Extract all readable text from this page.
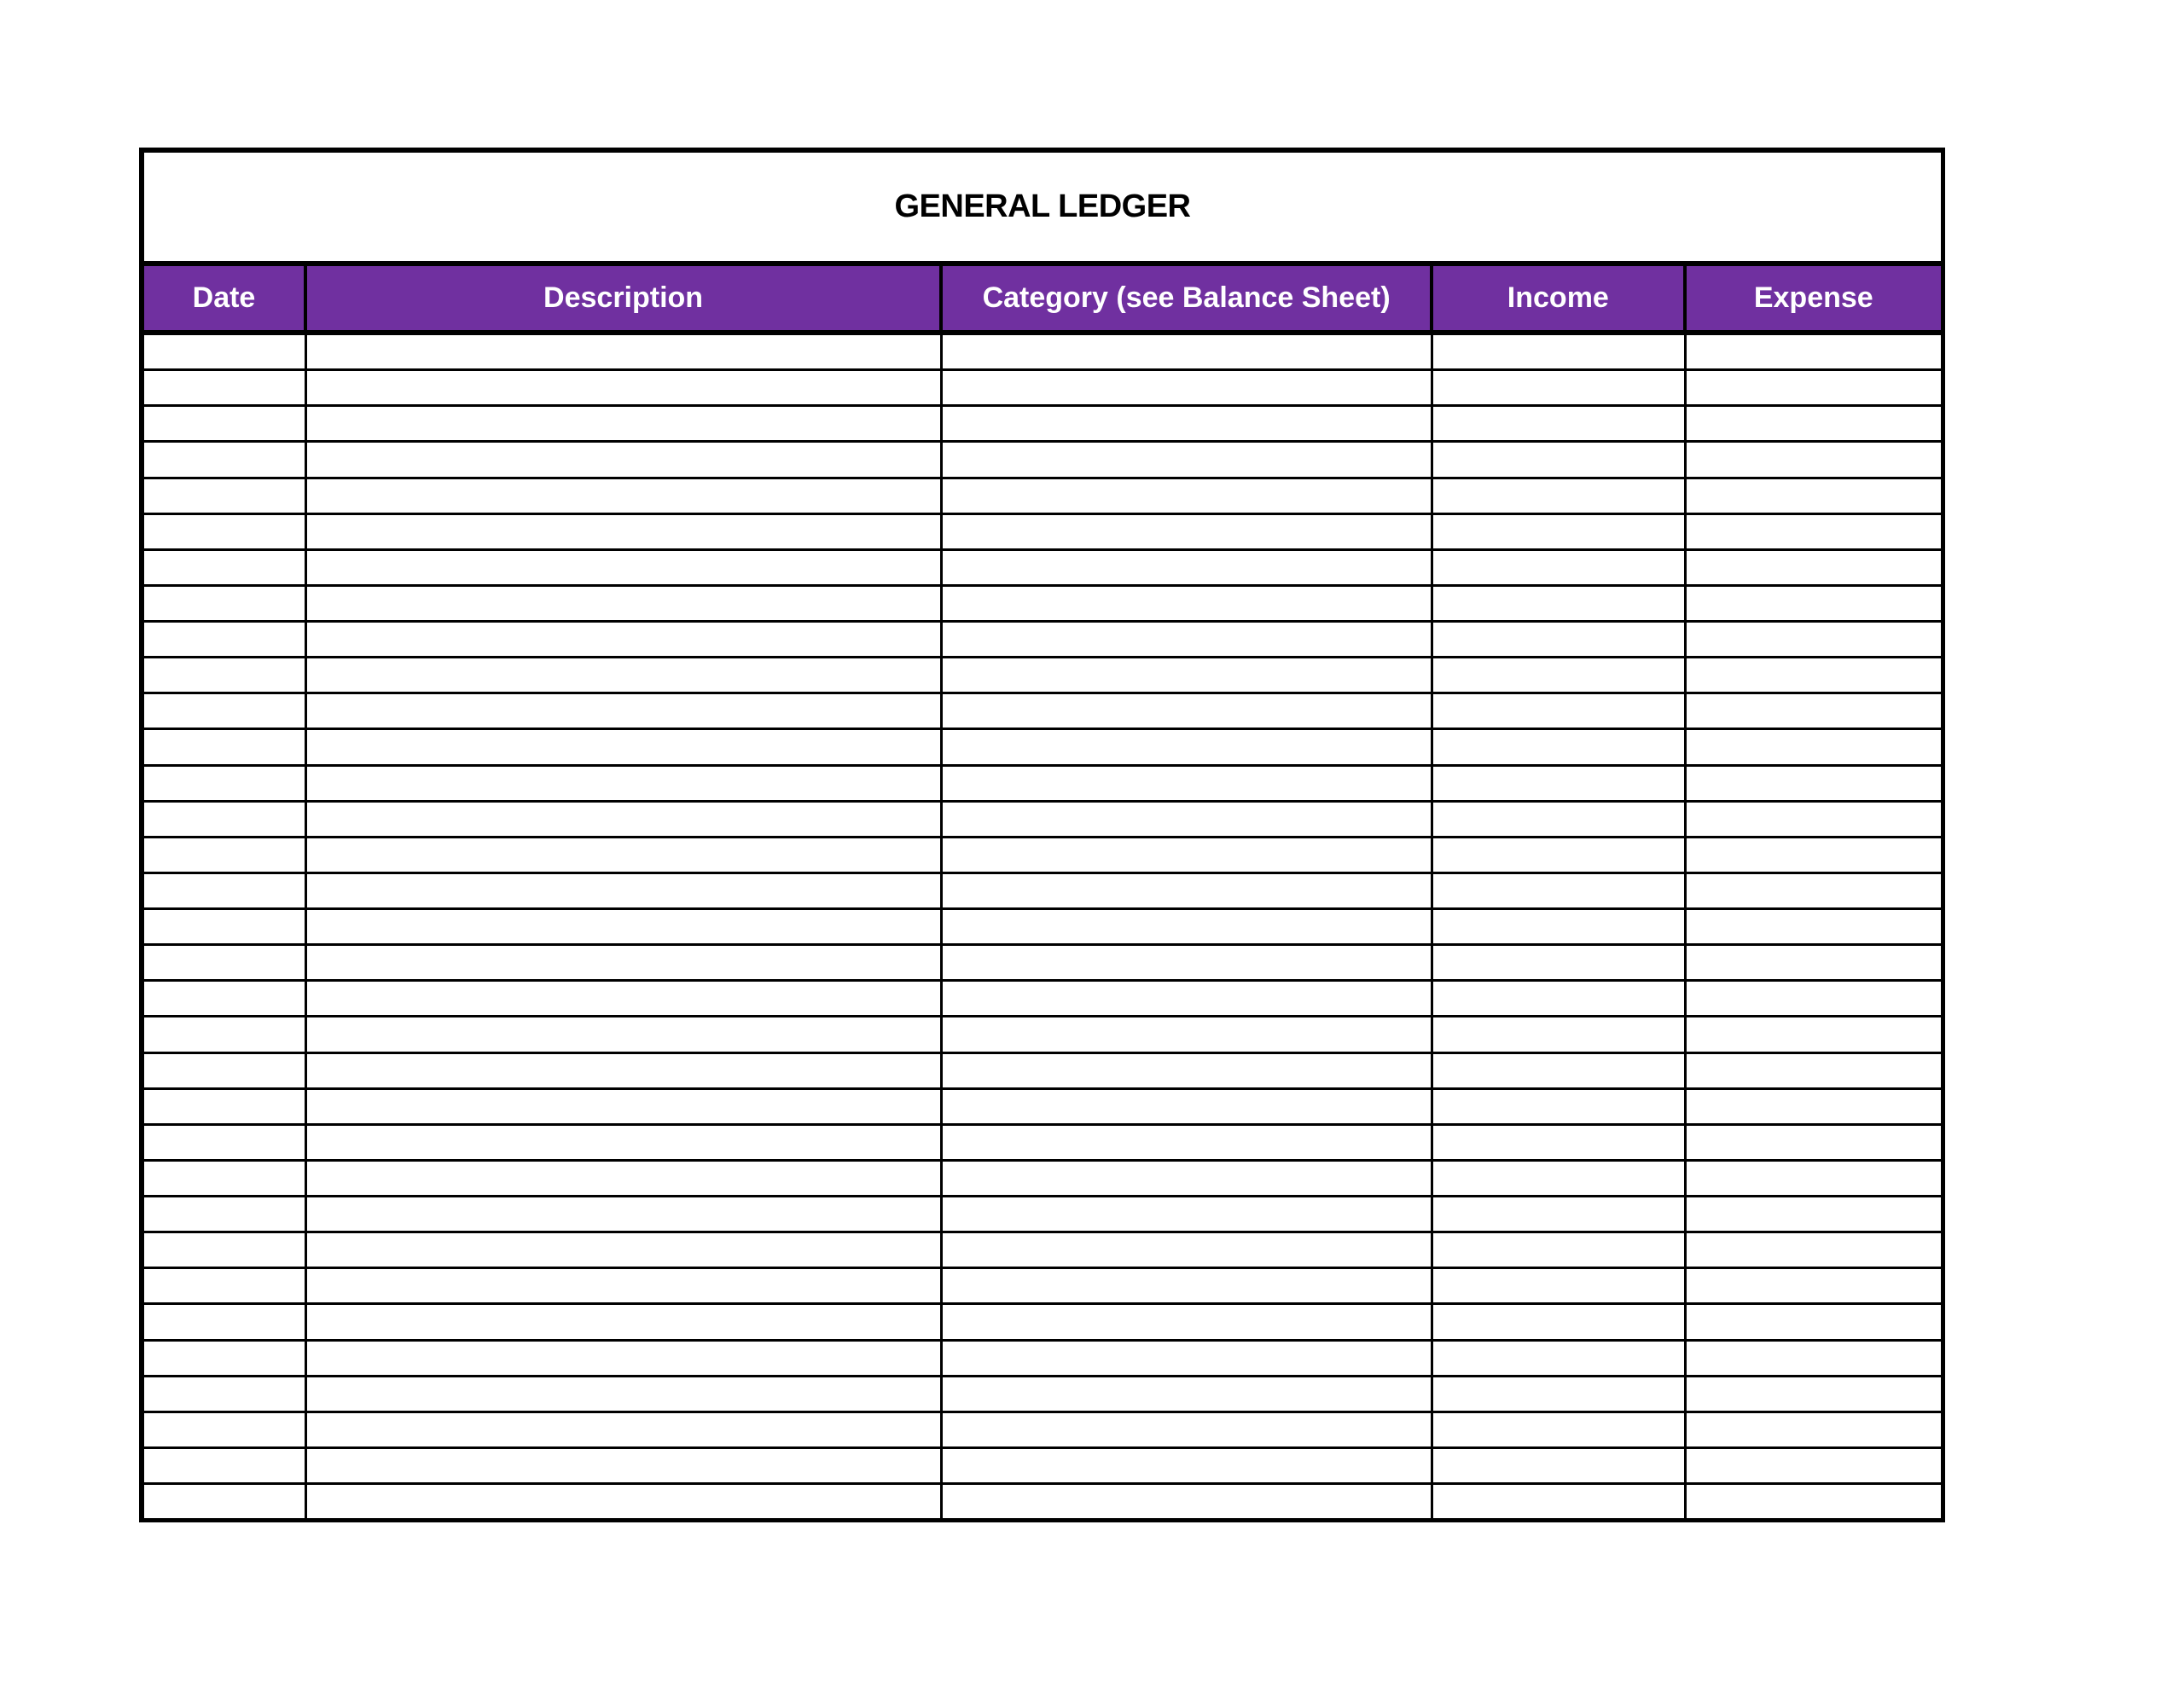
GENERAL LEDGER
Date	Description	Category (see Balance Sheet)	Income	Expense
